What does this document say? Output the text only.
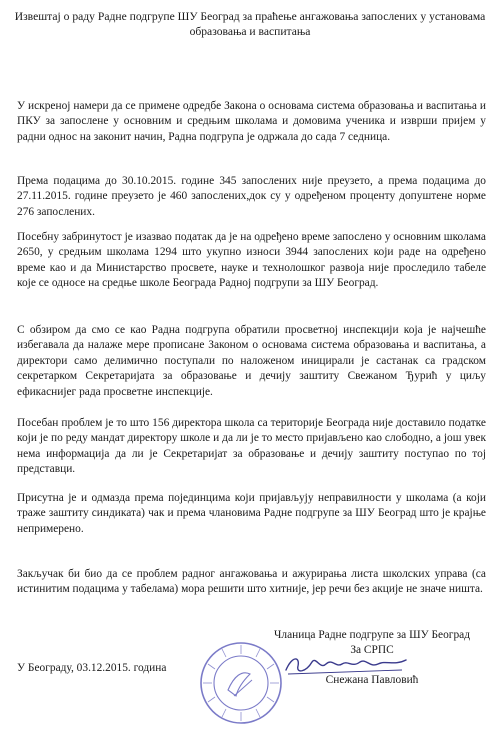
Извештај о раду Радне подгрупе ШУ Београд за праћење ангажовања запослених у установама образовања и васпитања

У искреној намери да се примене одредбе Закона о основама система образовања и васпитања и ПКУ за запослене у основним и средњим школама и домовима ученика и изврши пријем у радни однос на законит начин, Радна подгрупа је одржала до сада 7 седница.

Према подацима до 30.10.2015. године 345 запослених није преузето, а према подацима до 27.11.2015. године преузето је 460 запослених,док су у одређеном проценту допуштене норме 276 запослених.

Посебну забринутост је изазвао податак да је на одређено време запослено у основним школама 2650, у средњим школама 1294 што укупно износи 3944 запослених који раде на одређено време као и да Министарство просвете, науке и технолошког развоја није проследило табеле које се односе на средње школе Београда Радној подгрупи за ШУ Београд.

С обзиром да смо се као Радна подгрупа обратили просветној инспекцији која је најчешће избегавала да налаже мере прописане Законом о основама система образовања и васпитања, а директори само делимично поступали по наложеном иницирали је састанак са градском секретарком Секретаријата за образовање и дечију заштиту Свежаном Ђурић у циљу ефикаснијег рада просветне инспекције.

Посебан проблем је то што 156 директора школа са територије Београда није доставило податке који је по реду мандат директору школе и да ли је то место пријављено као слободно, а још увек нема информација да ли је Секретаријат за образовање и дечију заштиту поступао по тој представци.

Присутна је и одмазда према појединцима који пријављују неправилности у школама (а који траже заштиту синдиката) чак и према члановима Радне подгрупе за ШУ Београд што је крајње непримерено.

Закључак би био да се проблем радног ангажовања и ажурирања листа школских управа (са истинитим подацима у табелама) мора решити што хитније, јер речи без акције не значе ништа.

Чланица Радне подгрупе за ШУ Београд
За СРПС
Снежана Павловић
У Београду, 03.12.2015. година
